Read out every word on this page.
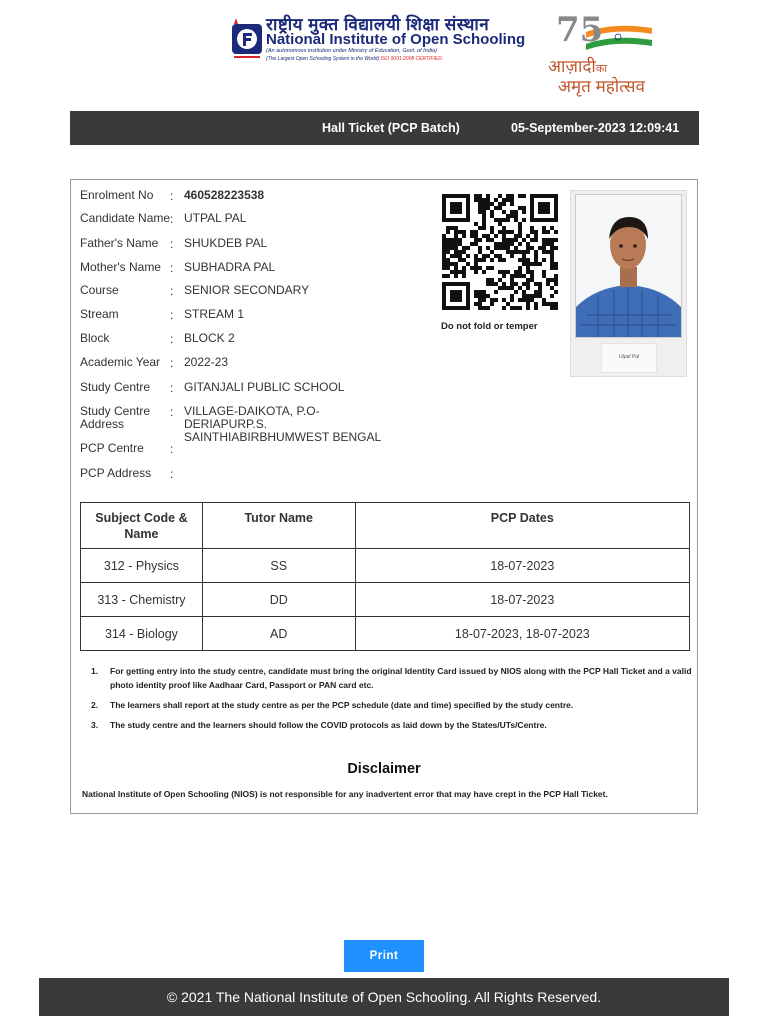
राष्ट्रीय मुक्त विद्यालयी शिक्षा संस्थान
National Institute of Open Schooling
(An autonomous institution under Ministry of Education, Govt. of India)
(The Largest Open Schooling System in the World) ISO 9001:2008 CERTIFIED
75
आज़ादीका
अमृत महोत्सव
Hall Ticket (PCP Batch)	05-September-2023 12:09:41
Enrolment No	: 460528223538
Candidate Name : UTPAL PAL
Father's Name : SHUKDEB PAL
Mother's Name : SUBHADRA PAL
Course	: SENIOR SECONDARY
Stream	: STREAM 1
Block	: BLOCK 2
Academic Year : 2022-23
Study Centre	: GITANJALI PUBLIC SCHOOL
Study Centre Address
: VILLAGE-DAIKOTA, P.O-DERIAPURP.S. SAINTHIABIRBHUMWEST BENGAL
PCP Centre	:
PCP Address	:
Do not fold or temper
Utpal Pal
Subject Code & Name	Tutor Name	PCP Dates
312 - Physics	SS	18-07-2023
313 - Chemistry	DD	18-07-2023
314 - Biology	AD	18-07-2023, 18-07-2023
1. For getting entry into the study centre, candidate must bring the original Identity Card issued by NIOS along with the PCP Hall Ticket and a valid photo identity proof like Aadhaar Card, Passport or PAN card etc.
2. The learners shall report at the study centre as per the PCP schedule (date and time) specified by the study centre.
3. The study centre and the learners should follow the COVID protocols as laid down by the States/UTs/Centre.
Disclaimer
National Institute of Open Schooling (NIOS) is not responsible for any inadvertent error that may have crept in the PCP Hall Ticket.
Print
© 2021 The National Institute of Open Schooling. All Rights Reserved.
